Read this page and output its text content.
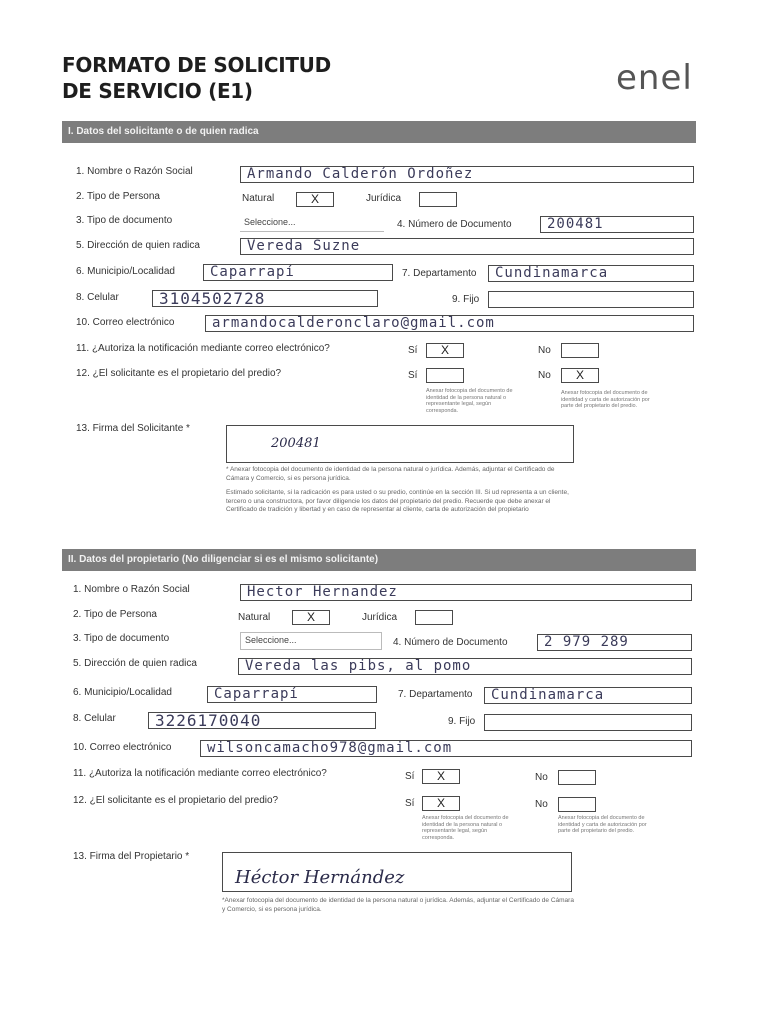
FORMATO DE SOLICITUD
DE SERVICIO (E1)	enel
I. Datos del solicitante o de quien radica
1. Nombre o Razón Social	Armando Calderón Ordoñez
2. Tipo de Persona	Natural	X	Jurídica
3. Tipo de documento	Seleccione...	4. Número de Documento	200481
5. Dirección de quien radica	Vereda Suzne
6. Municipio/Localidad	Caparrapí	7. Departamento	Cundinamarca
8. Celular	3104502728	9. Fijo
10. Correo electrónico	armandocalderonclaro@gmail.com
11. ¿Autoriza la notificación mediante correo electrónico?	Sí	X	No
12. ¿El solicitante es el propietario del predio?	Sí	No	X
Anexar fotocopia del documento de identidad de la persona natural o representante legal, según corresponda.
Anexar fotocopia del documento de identidad y carta de autorización por parte del propietario del predio.
13. Firma del Solicitante *
200481
* Anexar fotocopia del documento de identidad de la persona natural o jurídica. Además, adjuntar el Certificado de Cámara y Comercio, si es persona jurídica.
Estimado solicitante, si la radicación es para usted o su predio, continúe en la sección III. Si ud representa a un cliente, tercero o una constructora, por favor diligencie los datos del propietario del predio. Recuerde que debe anexar el Certificado de tradición y libertad y en caso de representar al cliente, carta de autorización del propietario
II. Datos del propietario (No diligenciar si es el mismo solicitante)
1. Nombre o Razón Social	Hector Hernandez
2. Tipo de Persona	Natural	X	Jurídica
3. Tipo de documento	Seleccione...	4. Número de Documento	2 979 289
5. Dirección de quien radica	Vereda las pibs, al pomo
6. Municipio/Localidad	Caparrapí	7. Departamento	Cundinamarca
8. Celular	3226170040	9. Fijo
10. Correo electrónico	wilsoncamacho978@gmail.com
11. ¿Autoriza la notificación mediante correo electrónico?	Sí	X	No
12. ¿El solicitante es el propietario del predio?	Sí	X	No
Anexar fotocopia del documento de identidad de la persona natural o representante legal, según corresponda.
Anexar fotocopia del documento de identidad y carta de autorización por parte del propietario del predio.
13. Firma del Propietario *
Héctor Hernández
*Anexar fotocopia del documento de identidad de la persona natural o jurídica. Además, adjuntar el Certificado de Cámara y Comercio, si es persona jurídica.
